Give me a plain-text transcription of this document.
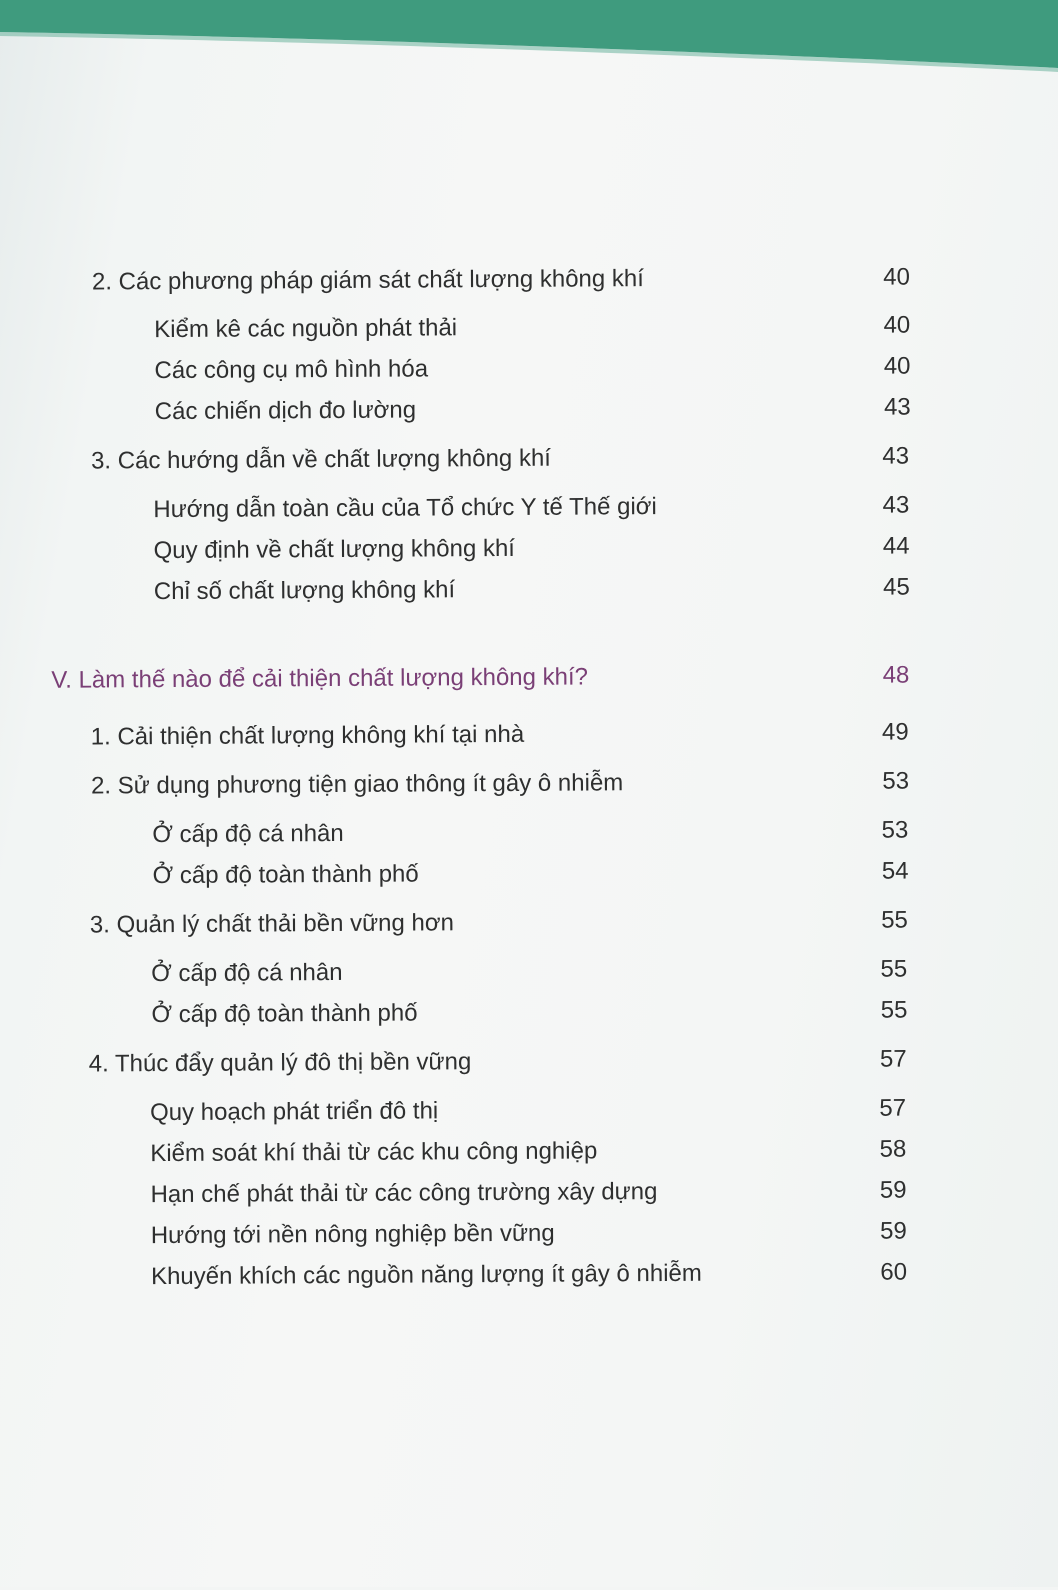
2. Các phương pháp giám sát chất lượng không khí	40
Kiểm kê các nguồn phát thải	40
Các công cụ mô hình hóa	40
Các chiến dịch đo lường	43
3. Các hướng dẫn về chất lượng không khí	43
Hướng dẫn toàn cầu của Tổ chức Y tế Thế giới	43
Quy định về chất lượng không khí	44
Chỉ số chất lượng không khí	45
V. Làm thế nào để cải thiện chất lượng không khí?	48
1. Cải thiện chất lượng không khí tại nhà	49
2. Sử dụng phương tiện giao thông ít gây ô nhiễm	53
Ở cấp độ cá nhân	53
Ở cấp độ toàn thành phố	54
3. Quản lý chất thải bền vững hơn	55
Ở cấp độ cá nhân	55
Ở cấp độ toàn thành phố	55
4. Thúc đẩy quản lý đô thị bền vững	57
Quy hoạch phát triển đô thị	57
Kiểm soát khí thải từ các khu công nghiệp	58
Hạn chế phát thải từ các công trường xây dựng	59
Hướng tới nền nông nghiệp bền vững	59
Khuyến khích các nguồn năng lượng ít gây ô nhiễm	60
